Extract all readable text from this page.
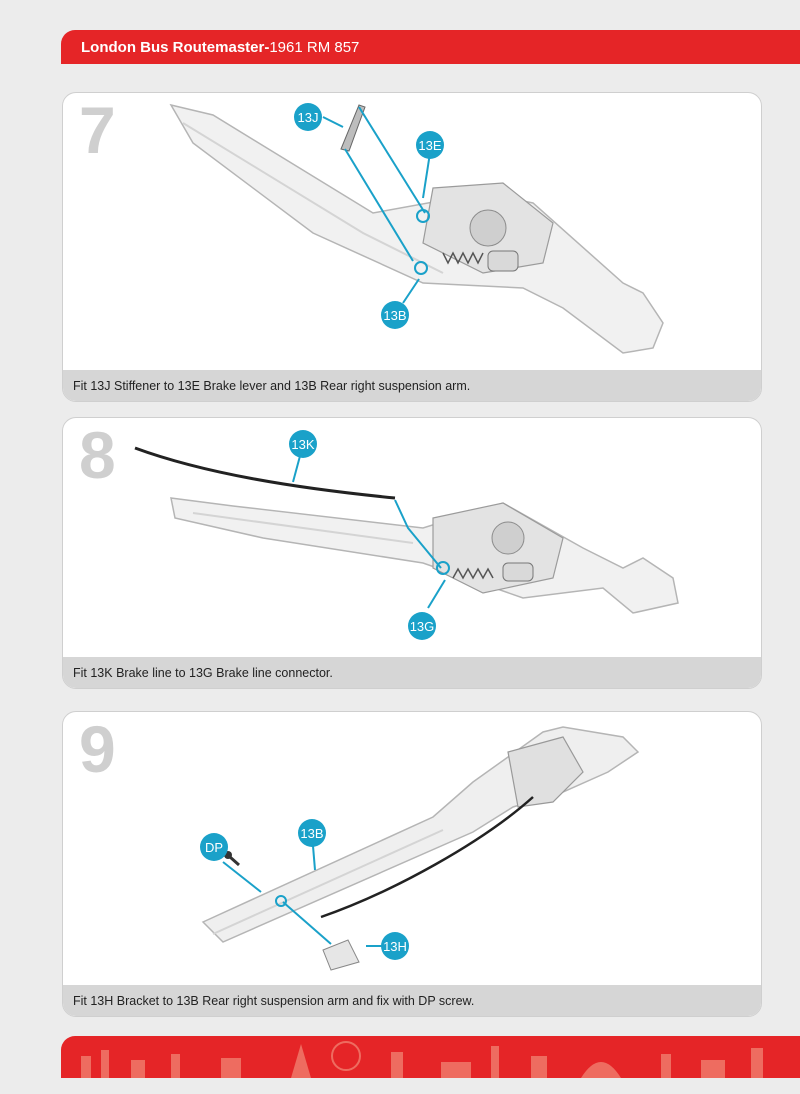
London Bus Routemaster-1961 RM 857
7	13J
13E
13B
Fit 13J Stiffener to 13E Brake lever and 13B Rear right suspension arm.
8	13K
13G
Fit 13K Brake line to 13G Brake line connector.
9
DP
13B
13H
Fit 13H Bracket to 13B Rear right suspension arm and fix with DP screw.
